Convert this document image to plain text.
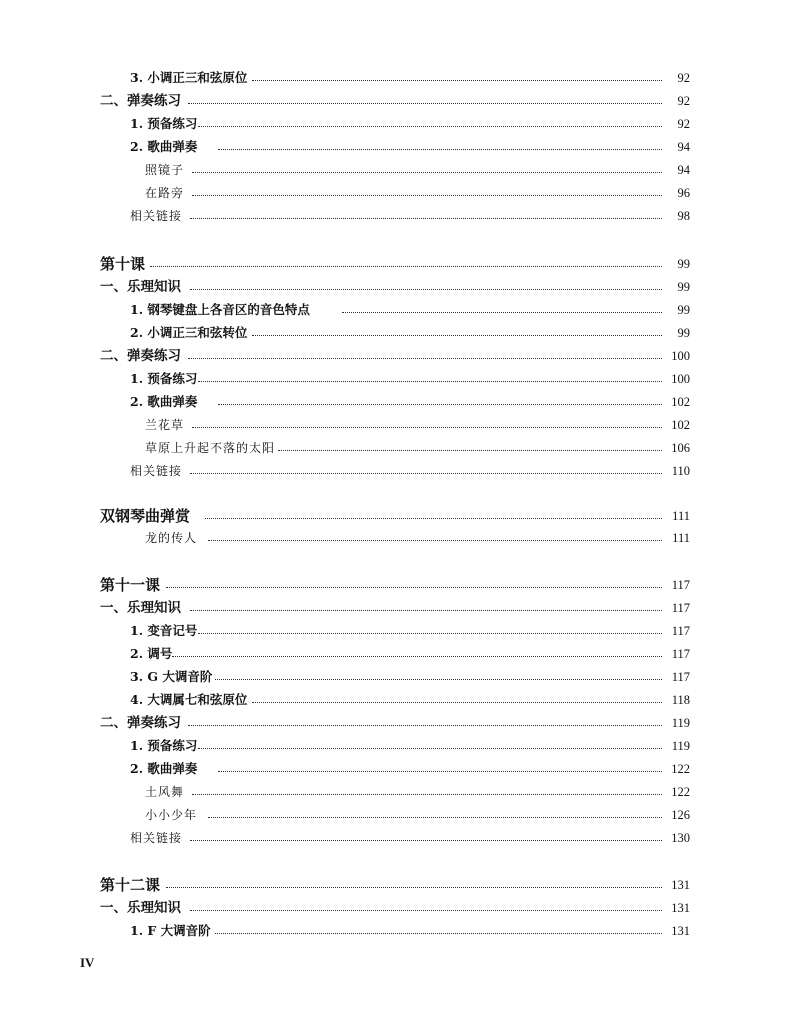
3. 小调正三和弦原位	92
二、弹奏练习	92
1. 预备练习	92
2. 歌曲弹奏	94
照镜子	94
在路旁	96
相关链接	98
第十课	99
一、乐理知识	99
1. 钢琴键盘上各音区的音色特点	99
2. 小调正三和弦转位	99
二、弹奏练习	100
1. 预备练习	100
2. 歌曲弹奏	102
兰花草	102
草原上升起不落的太阳	106
相关链接	110
双钢琴曲弹赏	111
龙的传人	111
第十一课	117
一、乐理知识	117
1. 变音记号	117
2. 调号	117
3. G 大调音阶	117
4. 大调属七和弦原位	118
二、弹奏练习	119
1. 预备练习	119
2. 歌曲弹奏	122
土风舞	122
小小少年	126
相关链接	130
第十二课	131
一、乐理知识	131
1. F 大调音阶	131
IV
